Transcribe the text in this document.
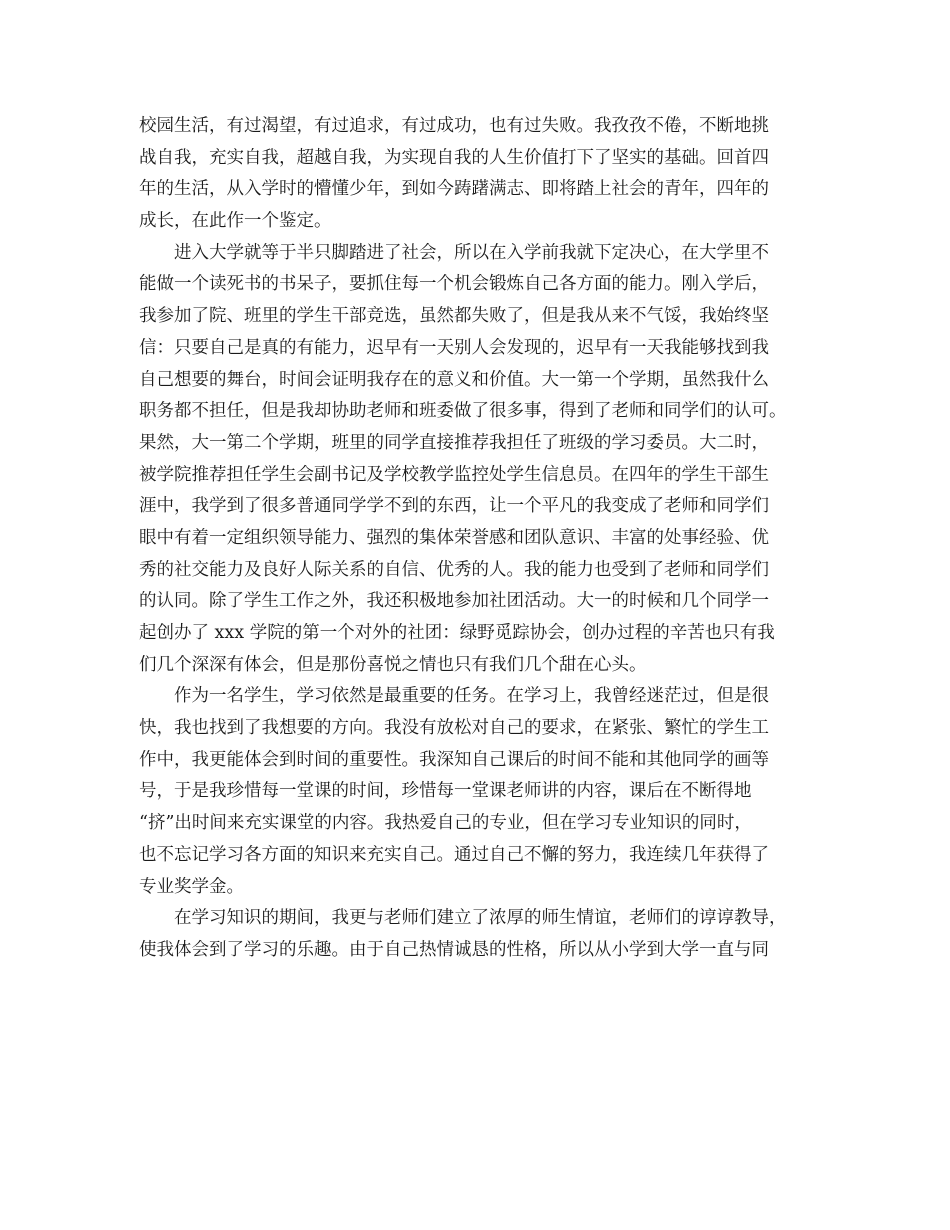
校园生活，有过渴望，有过追求，有过成功，也有过失败。我孜孜不倦，不断地挑
战自我，充实自我，超越自我，为实现自我的人生价值打下了坚实的基础。回首四
年的生活，从入学时的懵懂少年，到如今踌躇满志、即将踏上社会的青年，四年的
成长，在此作一个鉴定。
进入大学就等于半只脚踏进了社会，所以在入学前我就下定决心，在大学里不
能做一个读死书的书呆子，要抓住每一个机会锻炼自己各方面的能力。刚入学后，
我参加了院、班里的学生干部竞选，虽然都失败了，但是我从来不气馁，我始终坚
信：只要自己是真的有能力，迟早有一天别人会发现的，迟早有一天我能够找到我
自己想要的舞台，时间会证明我存在的意义和价值。大一第一个学期，虽然我什么
职务都不担任，但是我却协助老师和班委做了很多事，得到了老师和同学们的认可。
果然，大一第二个学期，班里的同学直接推荐我担任了班级的学习委员。大二时，
被学院推荐担任学生会副书记及学校教学监控处学生信息员。在四年的学生干部生
涯中，我学到了很多普通同学学不到的东西，让一个平凡的我变成了老师和同学们
眼中有着一定组织领导能力、强烈的集体荣誉感和团队意识、丰富的处事经验、优
秀的社交能力及良好人际关系的自信、优秀的人。我的能力也受到了老师和同学们
的认同。除了学生工作之外，我还积极地参加社团活动。大一的时候和几个同学一
起创办了 xxx 学院的第一个对外的社团：绿野觅踪协会，创办过程的辛苦也只有我
们几个深深有体会，但是那份喜悦之情也只有我们几个甜在心头。
作为一名学生，学习依然是最重要的任务。在学习上，我曾经迷茫过，但是很
快，我也找到了我想要的方向。我没有放松对自己的要求，在紧张、繁忙的学生工
作中，我更能体会到时间的重要性。我深知自己课后的时间不能和其他同学的画等
号，于是我珍惜每一堂课的时间，珍惜每一堂课老师讲的内容，课后在不断得地
“挤”出时间来充实课堂的内容。我热爱自己的专业，但在学习专业知识的同时，
也不忘记学习各方面的知识来充实自己。通过自己不懈的努力，我连续几年获得了
专业奖学金。
在学习知识的期间，我更与老师们建立了浓厚的师生情谊，老师们的谆谆教导，
使我体会到了学习的乐趣。由于自己热情诚恳的性格，所以从小学到大学一直与同
